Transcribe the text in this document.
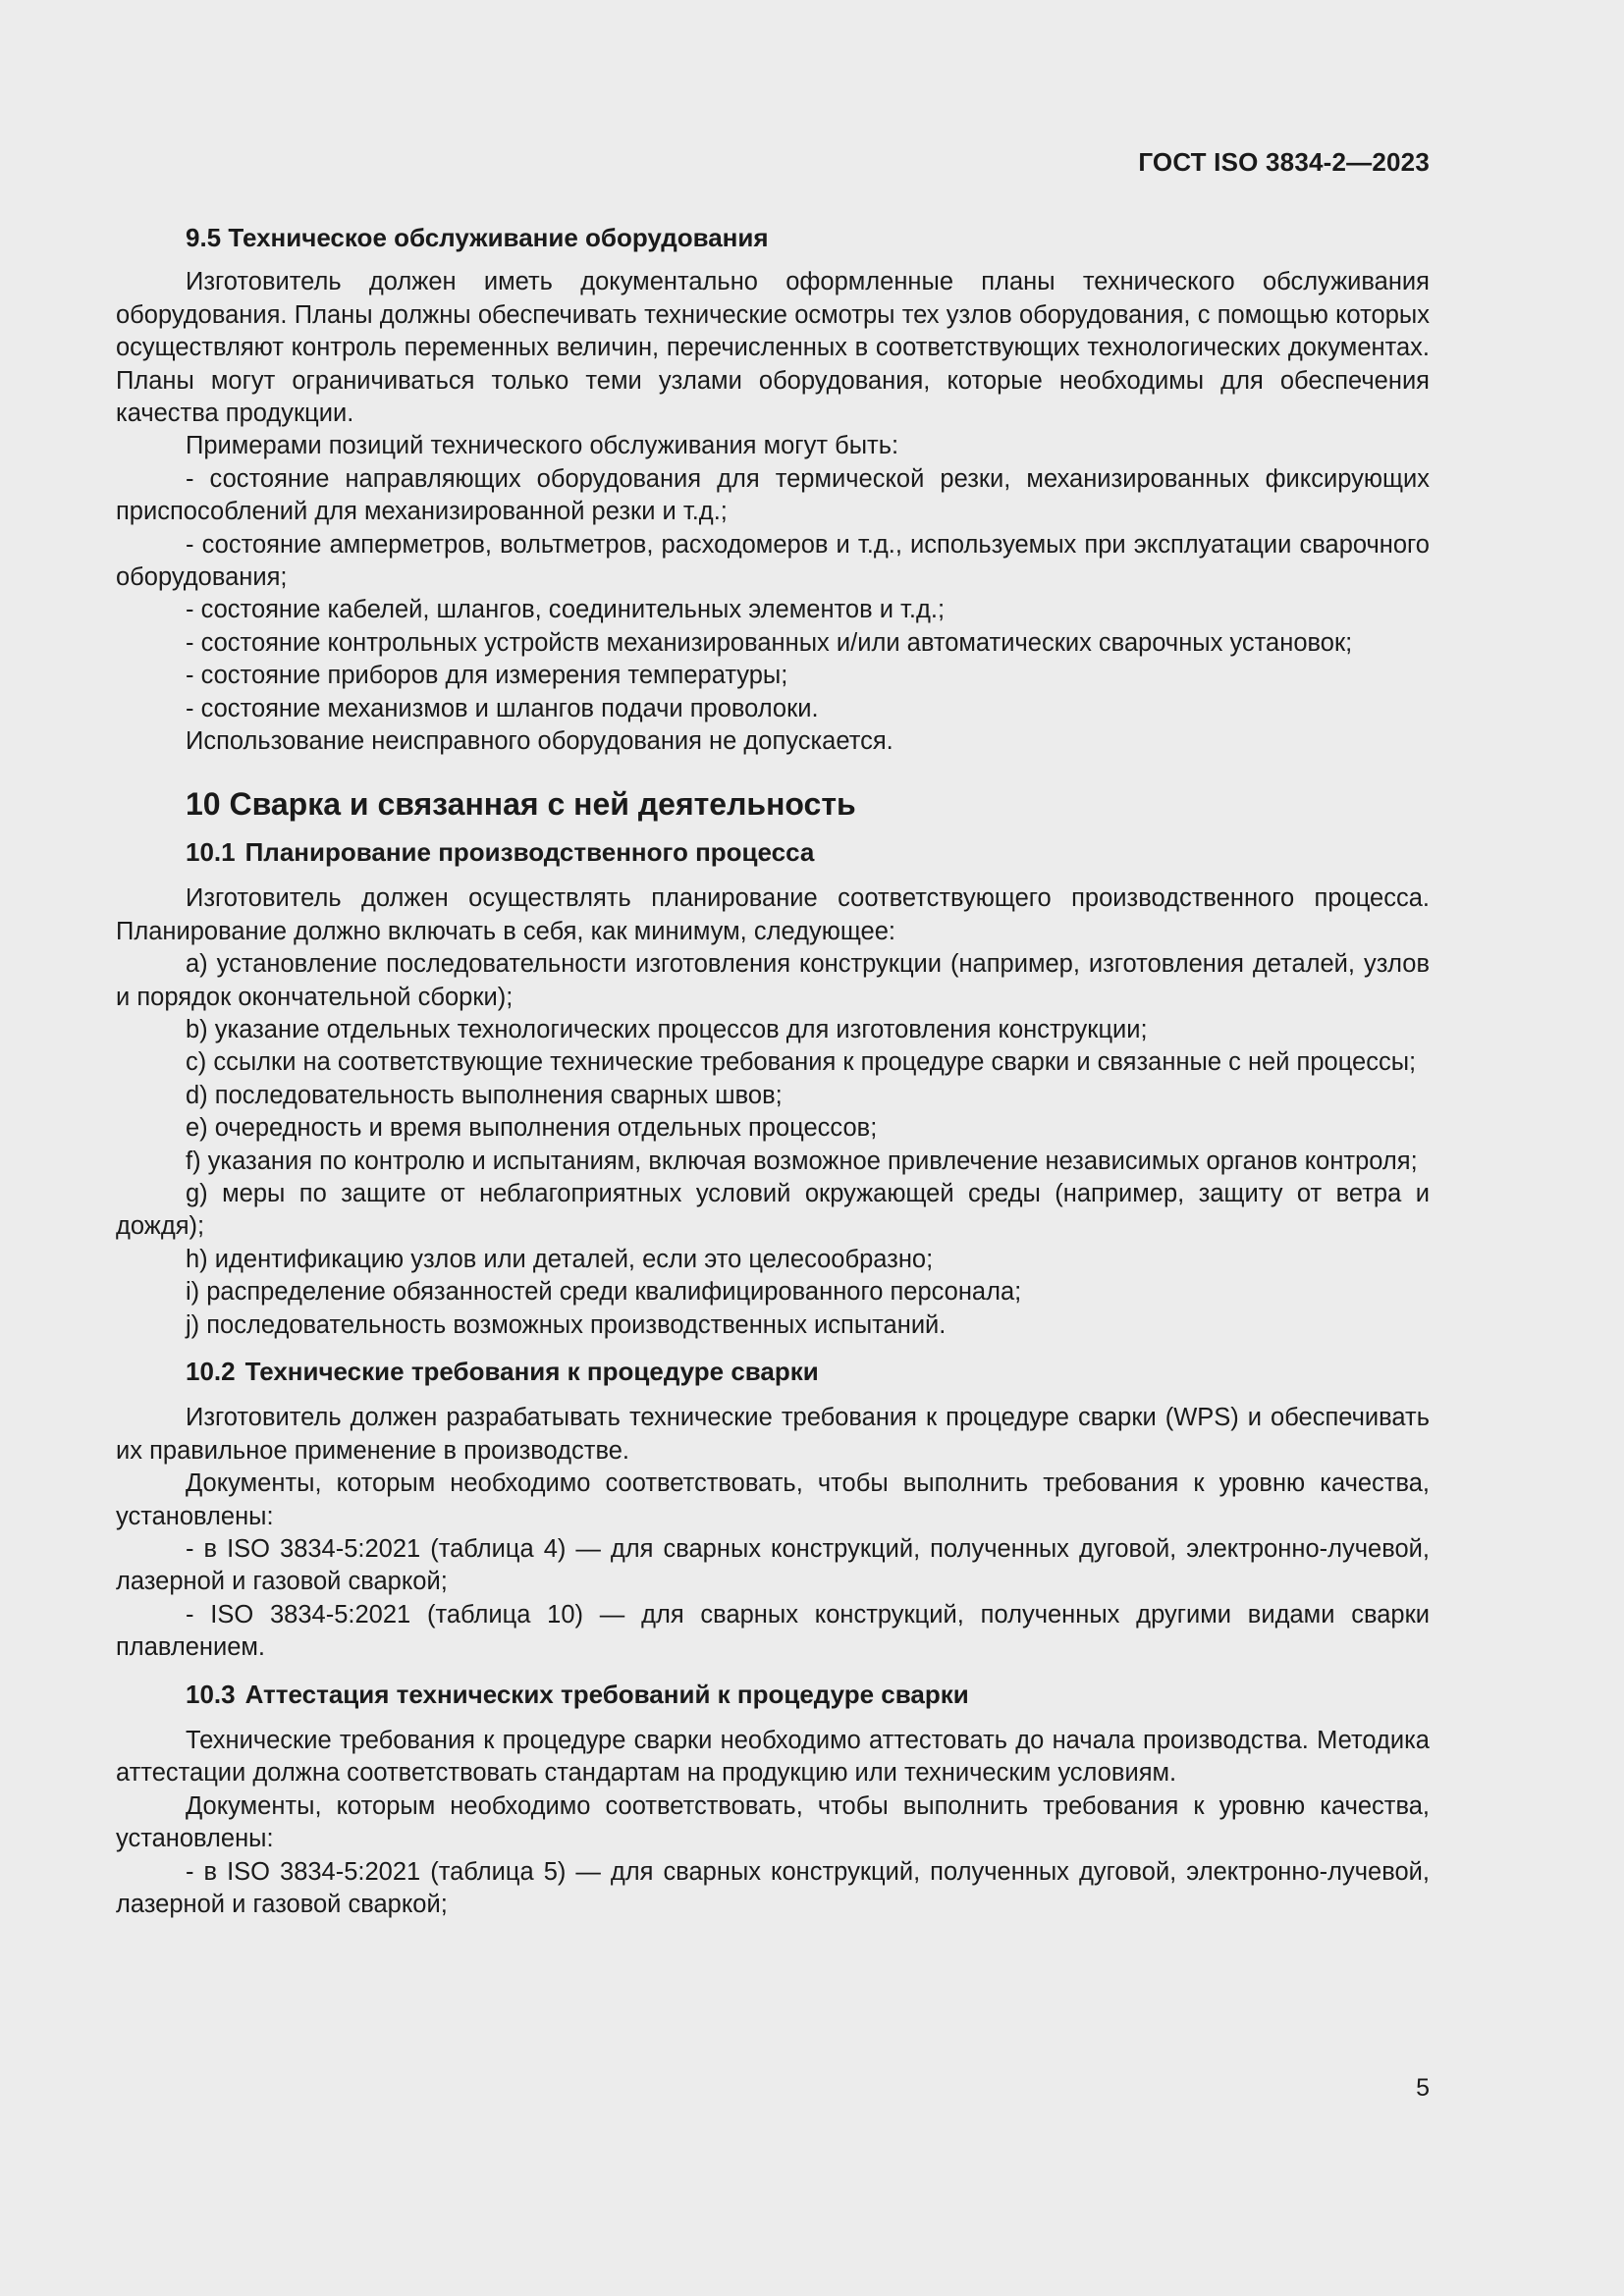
ГОСТ ISO 3834-2—2023
9.5 Техническое обслуживание оборудования

Изготовитель должен иметь документально оформленные планы технического обслуживания оборудования. Планы должны обеспечивать технические осмотры тех узлов оборудования, с помощью которых осуществляют контроль переменных величин, перечисленных в соответствующих технологических документах. Планы могут ограничиваться только теми узлами оборудования, которые необходимы для обеспечения качества продукции.

Примерами позиций технического обслуживания могут быть:

- состояние направляющих оборудования для термической резки, механизированных фиксирующих приспособлений для механизированной резки и т.д.;

- состояние амперметров, вольтметров, расходомеров и т.д., используемых при эксплуатации сварочного оборудования;

- состояние кабелей, шлангов, соединительных элементов и т.д.;

- состояние контрольных устройств механизированных и/или автоматических сварочных установок;

- состояние приборов для измерения температуры;

- состояние механизмов и шлангов подачи проволоки.

Использование неисправного оборудования не допускается.

10 Сварка и связанная с ней деятельность
10.1 Планирование производственного процесса

Изготовитель должен осуществлять планирование соответствующего производственного процесса. Планирование должно включать в себя, как минимум, следующее:

a) установление последовательности изготовления конструкции (например, изготовления деталей, узлов и порядок окончательной сборки);

b) указание отдельных технологических процессов для изготовления конструкции;

c) ссылки на соответствующие технические требования к процедуре сварки и связанные с ней процессы;

d) последовательность выполнения сварных швов;

e) очередность и время выполнения отдельных процессов;

f) указания по контролю и испытаниям, включая возможное привлечение независимых органов контроля;

g) меры по защите от неблагоприятных условий окружающей среды (например, защиту от ветра и дождя);

h) идентификацию узлов или деталей, если это целесообразно;

i) распределение обязанностей среди квалифицированного персонала;

j) последовательность возможных производственных испытаний.

10.2 Технические требования к процедуре сварки

Изготовитель должен разрабатывать технические требования к процедуре сварки (WPS) и обеспечивать их правильное применение в производстве.

Документы, которым необходимо соответствовать, чтобы выполнить требования к уровню качества, установлены:

- в ISO 3834-5:2021 (таблица 4) — для сварных конструкций, полученных дуговой, электронно-лучевой, лазерной и газовой сваркой;

- ISO 3834-5:2021 (таблица 10) — для сварных конструкций, полученных другими видами сварки плавлением.

10.3 Аттестация технических требований к процедуре сварки

Технические требования к процедуре сварки необходимо аттестовать до начала производства. Методика аттестации должна соответствовать стандартам на продукцию или техническим условиям.

Документы, которым необходимо соответствовать, чтобы выполнить требования к уровню качества, установлены:

- в ISO 3834-5:2021 (таблица 5) — для сварных конструкций, полученных дуговой, электронно-лучевой, лазерной и газовой сваркой;

5
